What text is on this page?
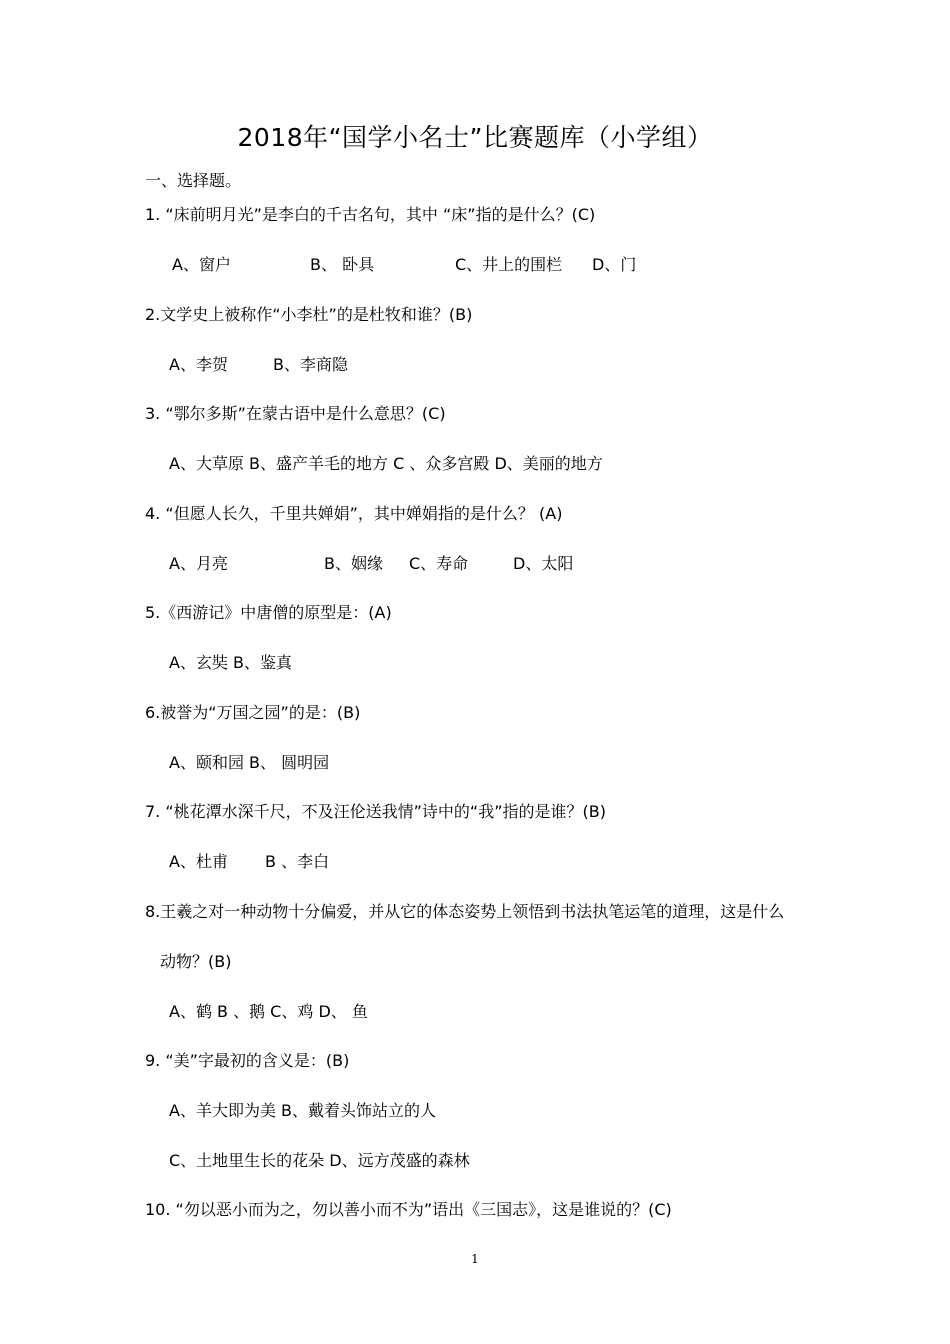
2018年“国学小名士”比赛题库（小学组）
一、选择题。
1. “床前明月光”是李白的千古名句，其中 “床”指的是什么？(C)
A、窗户	B、 卧具	C、井上的围栏 D、门
2.文学史上被称作“小李杜”的是杜牧和谁？(B)
A、李贺	B、李商隐
3. “鄂尔多斯”在蒙古语中是什么意思？(C)
A、大草原 B、盛产羊毛的地方 C 、众多宫殿 D、美丽的地方
4. “但愿人长久，千里共婵娟”，其中婵娟指的是什么？ (A)
A、月亮	B、姻缘 C、寿命	D、太阳
5.《西游记》中唐僧的原型是：(A)
A、玄奘 B、鉴真
6.被誉为“万国之园”的是：(B)
A、颐和园 B、 圆明园
7. “桃花潭水深千尺，不及汪伦送我情”诗中的“我”指的是谁？(B)
A、杜甫 B 、李白
8.王羲之对一种动物十分偏爱，并从它的体态姿势上领悟到书法执笔运笔的道理，这是什么
动物？(B)
A、鹤 B 、鹅 C、鸡 D、 鱼
9. “美”字最初的含义是：(B)
A、羊大即为美 B、戴着头饰站立的人
C、土地里生长的花朵 D、远方茂盛的森林
10. “勿以恶小而为之，勿以善小而不为”语出《三国志》，这是谁说的？(C)
1
